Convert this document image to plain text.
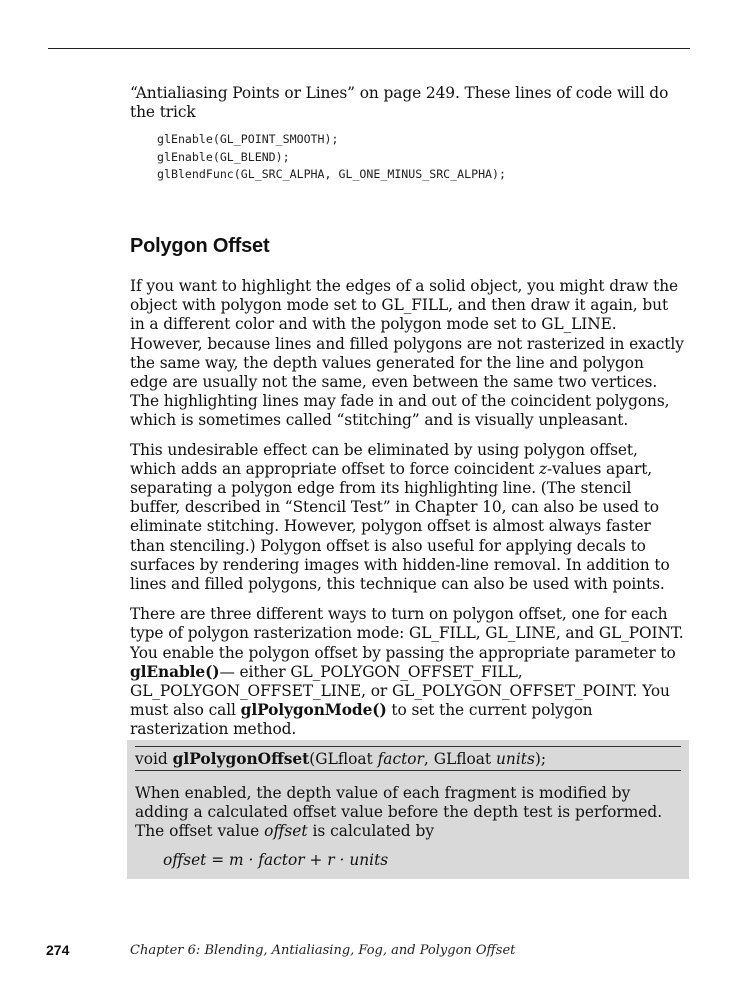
“Antialiasing Points or Lines” on page 249. These lines of code will do the trick

glEnable(GL_POINT_SMOOTH);
glEnable(GL_BLEND);
glBlendFunc(GL_SRC_ALPHA, GL_ONE_MINUS_SRC_ALPHA);
Polygon Offset

If you want to highlight the edges of a solid object, you might draw the object with polygon mode set to GL_FILL, and then draw it again, but in a different color and with the polygon mode set to GL_LINE. However, because lines and filled polygons are not rasterized in exactly the same way, the depth values generated for the line and polygon edge are usually not the same, even between the same two vertices. The highlighting lines may fade in and out of the coincident polygons, which is sometimes called “stitching” and is visually unpleasant.

This undesirable effect can be eliminated by using polygon offset, which adds an appropriate offset to force coincident z-values apart, separating a polygon edge from its highlighting line. (The stencil buffer, described in “Stencil Test” in Chapter 10, can also be used to eliminate stitching. However, polygon offset is almost always faster than stenciling.) Polygon offset is also useful for applying decals to surfaces by rendering images with hidden-line removal. In addition to lines and filled polygons, this technique can also be used with points.

There are three different ways to turn on polygon offset, one for each type of polygon rasterization mode: GL_FILL, GL_LINE, and GL_POINT. You enable the polygon offset by passing the appropriate parameter to glEnable()— either GL_POLYGON_OFFSET_FILL, GL_POLYGON_OFFSET_LINE, or GL_POLYGON_OFFSET_POINT. You must also call glPolygonMode() to set the current polygon rasterization method.

void glPolygonOffset(GLfloat factor, GLfloat units);
When enabled, the depth value of each fragment is modified by adding a calculated offset value before the depth test is performed. The offset value offset is calculated by
offset = m · factor + r · units
274	Chapter 6: Blending, Antialiasing, Fog, and Polygon Offset
